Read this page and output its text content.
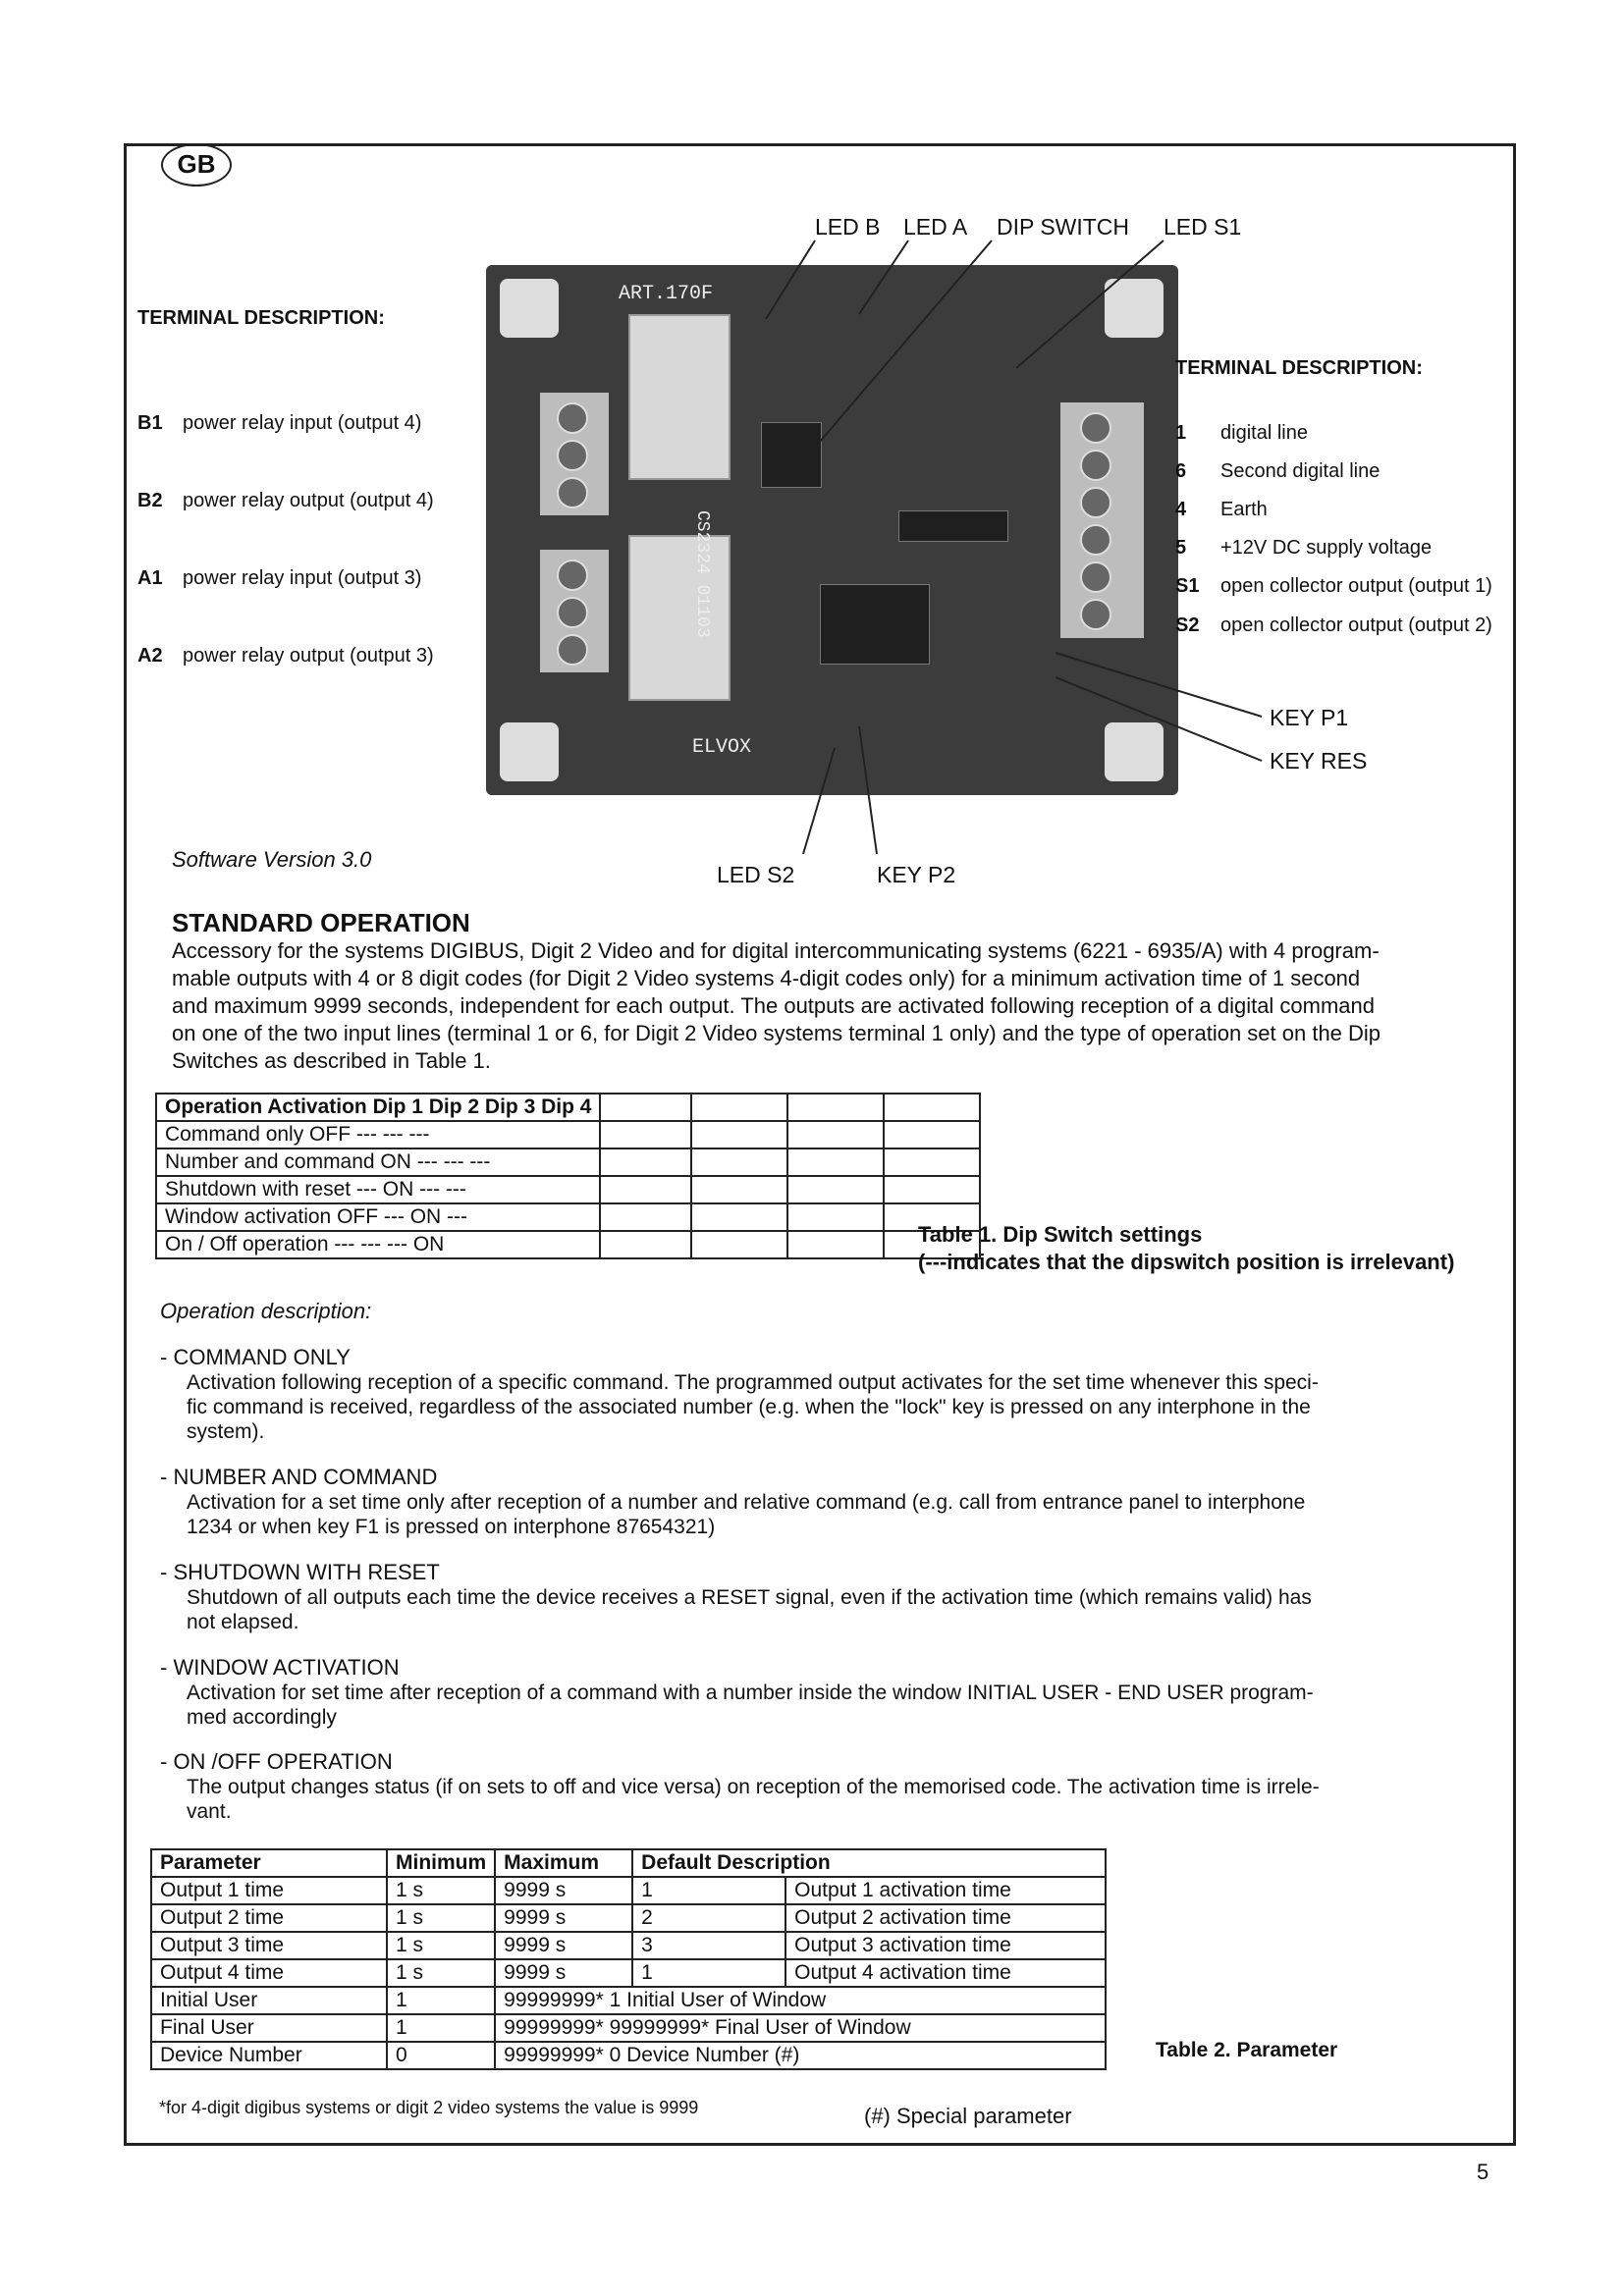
GB
LED B LED A DIP SWITCH LED S1
KEY P1
KEY RES
LED S2	KEY P2
ART.170F
ELVOX
CS2324 01103
TERMINAL DESCRIPTION:
B1 power relay input (output 4)
B2 power relay output (output 4)
A1 power relay input (output 3)
A2 power relay output (output 3)
TERMINAL DESCRIPTION:
1 digital line
6 Second digital line
4 Earth
5 +12V DC supply voltage
S1 open collector output (output 1)
S2 open collector output (output 2)
Software Version 3.0
STANDARD OPERATION
Accessory for the systems DIGIBUS, Digit 2 Video and for digital intercommunicating systems (6221 - 6935/A) with 4 program-
mable outputs with 4 or 8 digit codes (for Digit 2 Video systems 4-digit codes only) for a minimum activation time of 1 second
and maximum 9999 seconds, independent for each output. The outputs are activated following reception of a digital command
on one of the two input lines (terminal 1 or 6, for Digit 2 Video systems terminal 1 only) and the type of operation set on the Dip
Switches as described in Table 1.
Operation Activation Dip 1 Dip 2 Dip 3 Dip 4				
Command only OFF --- --- ---				
Number and command ON --- --- ---				
Shutdown with reset --- ON --- ---				
Window activation OFF --- ON ---				
On / Off operation --- --- --- ON					Table 1. Dip Switch settings
(---indicates that the dipswitch position is irrelevant)
Operation description:
- COMMAND ONLY
Activation following reception of a specific command. The programmed output activates for the set time whenever this speci-
fic command is received, regardless of the associated number (e.g. when the "lock" key is pressed on any interphone in the
system).
- NUMBER AND COMMAND
Activation for a set time only after reception of a number and relative command (e.g. call from entrance panel to interphone
1234 or when key F1 is pressed on interphone 87654321)
- SHUTDOWN WITH RESET
Shutdown of all outputs each time the device receives a RESET signal, even if the activation time (which remains valid) has
not elapsed.
- WINDOW ACTIVATION
Activation for set time after reception of a command with a number inside the window INITIAL USER - END USER program-
med accordingly
- ON /OFF OPERATION
The output changes status (if on sets to off and vice versa) on reception of the memorised code. The activation time is irrele-
vant.
Parameter	Minimum	Maximum	Default Description	
Output 1 time	1 s	9999 s	1	Output 1 activation time
Output 2 time	1 s	9999 s	2	Output 2 activation time
Output 3 time	1 s	9999 s	3	Output 3 activation time
Output 4 time	1 s	9999 s	1	Output 4 activation time
Initial User	1	99999999* 1 Initial User of Window		
Final User	1	99999999* 99999999* Final User of Window		
Device Number	0	99999999* 0 Device Number (#)			Table 2. Parameter
*for 4-digit digibus systems or digit 2 video systems the value is 9999	(#) Special parameter
5
